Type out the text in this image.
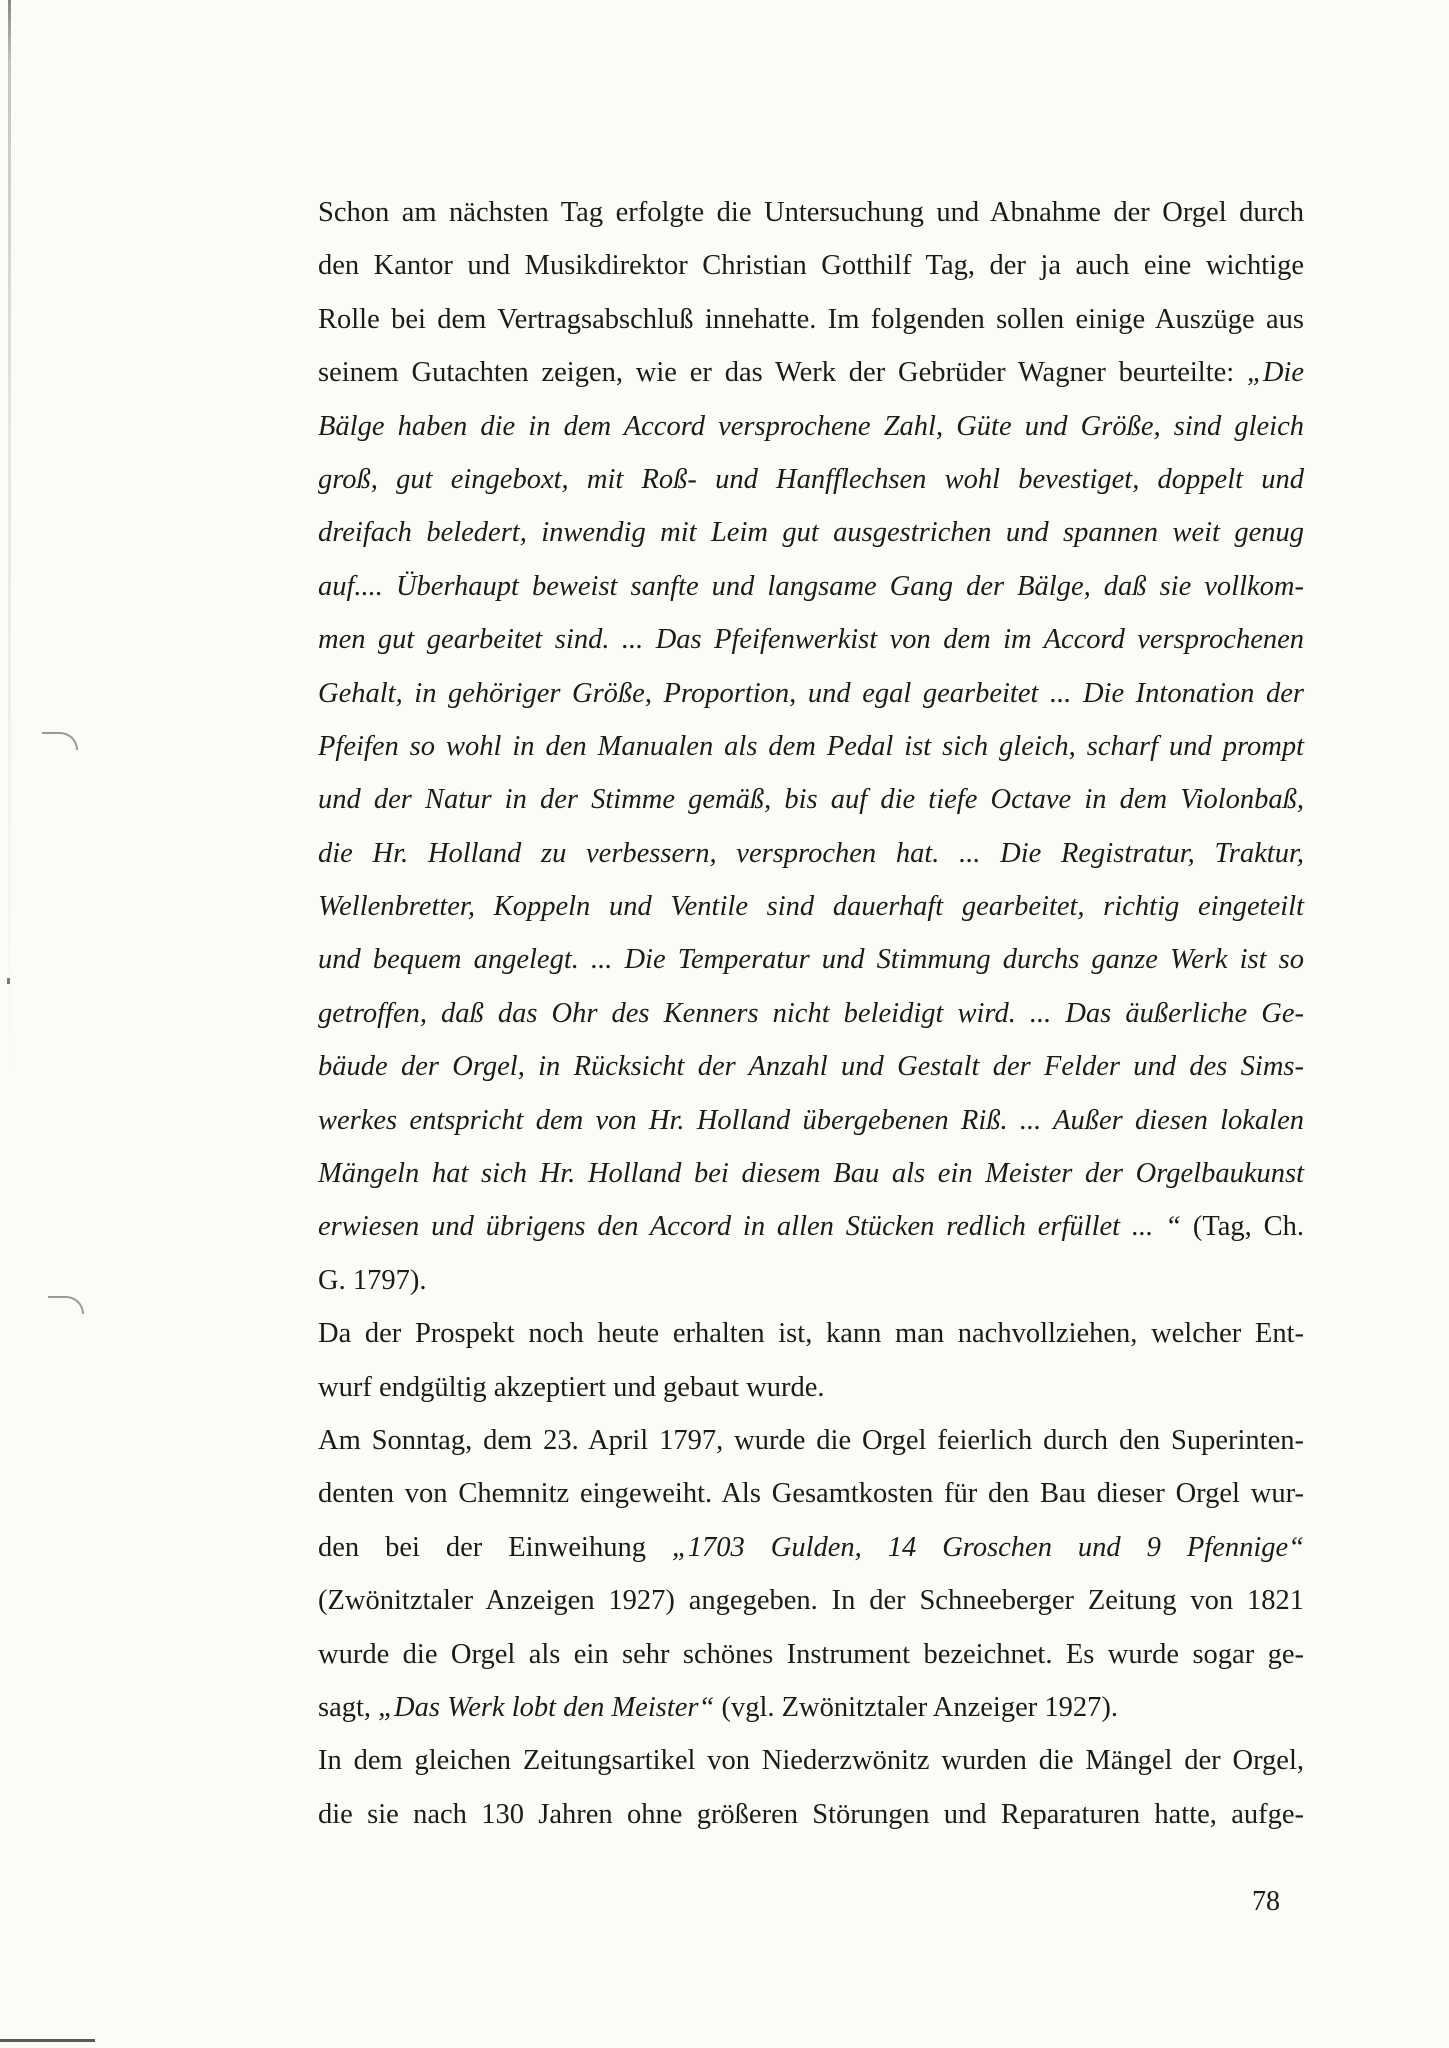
Schon am nächsten Tag erfolgte die Untersuchung und Abnahme der Orgel durch
den Kantor und Musikdirektor Christian Gotthilf Tag, der ja auch eine wichtige
Rolle bei dem Vertragsabschluß innehatte. Im folgenden sollen einige Auszüge aus
seinem Gutachten zeigen, wie er das Werk der Gebrüder Wagner beurteilte: „Die
Bälge haben die in dem Accord versprochene Zahl, Güte und Größe, sind gleich
groß, gut eingeboxt, mit Roß- und Hanfflechsen wohl bevestiget, doppelt und
dreifach beledert, inwendig mit Leim gut ausgestrichen und spannen weit genug
auf.... Überhaupt beweist sanfte und langsame Gang der Bälge, daß sie vollkom-
men gut gearbeitet sind. ... Das Pfeifenwerkist von dem im Accord versprochenen
Gehalt, in gehöriger Größe, Proportion, und egal gearbeitet ... Die Intonation der
Pfeifen so wohl in den Manualen als dem Pedal ist sich gleich, scharf und prompt
und der Natur in der Stimme gemäß, bis auf die tiefe Octave in dem Violonbaß,
die Hr. Holland zu verbessern, versprochen hat. ... Die Registratur, Traktur,
Wellenbretter, Koppeln und Ventile sind dauerhaft gearbeitet, richtig eingeteilt
und bequem angelegt. ... Die Temperatur und Stimmung durchs ganze Werk ist so
getroffen, daß das Ohr des Kenners nicht beleidigt wird. ... Das äußerliche Ge-
bäude der Orgel, in Rücksicht der Anzahl und Gestalt der Felder und des Sims-
werkes entspricht dem von Hr. Holland übergebenen Riß. ... Außer diesen lokalen
Mängeln hat sich Hr. Holland bei diesem Bau als ein Meister der Orgelbaukunst
erwiesen und übrigens den Accord in allen Stücken redlich erfüllet ... “ (Tag, Ch.
G. 1797).
Da der Prospekt noch heute erhalten ist, kann man nachvollziehen, welcher Ent-
wurf endgültig akzeptiert und gebaut wurde.
Am Sonntag, dem 23. April 1797, wurde die Orgel feierlich durch den Superinten-
denten von Chemnitz eingeweiht. Als Gesamtkosten für den Bau dieser Orgel wur-
den bei der Einweihung „1703 Gulden, 14 Groschen und 9 Pfennige“
(Zwönitztaler Anzeigen 1927) angegeben. In der Schneeberger Zeitung von 1821
wurde die Orgel als ein sehr schönes Instrument bezeichnet. Es wurde sogar ge-
sagt, „Das Werk lobt den Meister“ (vgl. Zwönitztaler Anzeiger 1927).
In dem gleichen Zeitungsartikel von Niederzwönitz wurden die Mängel der Orgel,
die sie nach 130 Jahren ohne größeren Störungen und Reparaturen hatte, aufge-
78
